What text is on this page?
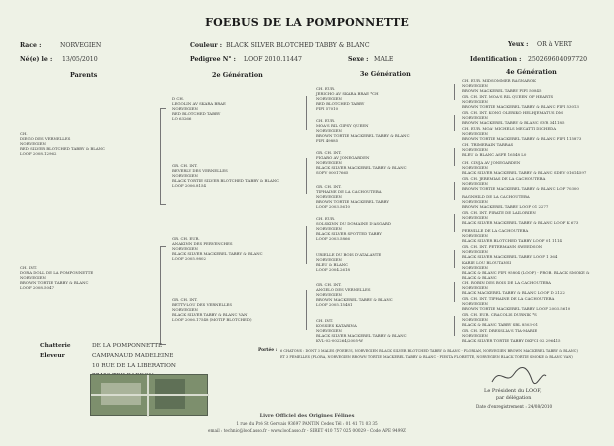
FOEBUS DE LA POMPONNETTE
Race :	NORVEGIEN	Couleur : BLACK SILVER BLOTCHED TABBY & BLANC	Yeux : OR à VERT
Né(e) le : 13/05/2010	Pedigree N° : LOOF 2010.11447	Sexe : MALE	Identification : 250269604097720
Parents	2e Génération	3e Génération	4e Génération
CH.
DIEGO DES VERNELLES
NORVEGIEN
RED SILVER BLOTCHED TABBY & BLANC
LOOF 2008.12962
CH. INT.
DORA DOLL DE LA POMPONNETTE
NORVEGIEN
BROWN TORTIE TABBY & BLANC
LOOF 2008.5047
D CH.
LEGOLIN AV SKARA BRAE
NORVEGIEN
RED BLOTCHED TABBY
LO 63266
GR. CH. INT.
BEVERLY DES VERNELLES
NORVEGIEN
BLACK TORTIE SILVER BLOTCHED TABBY & BLANC
LOOF 2006.8154
GR. CH. EUR.
ANAKINN DES PERVENCHES
NORVEGIEN
BLACK SILVER MACKEREL TABBY & BLANC
LOOF 2005.9802
GR. CH. INT.
BETTY-LOU DES VERNELLES
NORVEGIEN
BLACK SILVER TABBY & BLANC VAN
LOOF 2006.17548 (MOTIF BLOTCHED)
CH. EUR.
JERICHO AV SKARA BRAE *CH
NORVEGIEN
RED BLOTCHED TABBY
FIFI 57010
CH. EUR.
MOA'S RIL GIPSY QUEEN
NORVEGIEN
BROWN TORTIE MACKEREL TABBY & BLANC
FIFI 49885
GR. CH. INT.
FIGARO AV JONEGARDEN
NORVEGIEN
BLACK SILVER MACKEREL TABBY & BLANC
SOFV 00017665
GR. CH. INT.
TIPHAINE DE LA CACHOUTEBA
NORVEGIEN
BROWN TORTIE MACKEREL TABBY
LOOF 2003.5610
CH. EUR.
SOLSKINN DU DOMAINE D'ASGARD
NORVEGIEN
BLACK SILVER SPOTTED TABBY
LOOF 2003.5866
URIELLE DU BOIS D'ATALANTE
NORVEGIEN
BLEU & BLANC
LOOF 2004.2618
GR. CH. INT.
ANGELO DES VERNELLES
NORVEGIEN
BROWN MACKEREL TABBY & BLANC
LOOF 2005.15481
CH. INT.
KOSSIES KATARINA
NORVEGIEN
BLACK SILVER MACKEREL TABBY & BLANC
KVL-02-002264/2005-W
CH. EUR. MIDSOMMER RAGNAROK
NORVEGIEN
BROWN MACKEREL TABBY FIFI 50845
GR. CH. INT. MOA'S RIL QUEEN OF HEARTS
NORVEGIEN
BROWN TORTIE MACKEREL TABBY & BLANC FIFI 53013
GR. CH. INT. KONG OLERIKO HELHJEMATUS DM
NORVEGIEN
BROWN MACKEREL TABBY & BLANC SVR 341185
CH. EUR. MOA' MICHELS MECATTI DICHEDA
NORVEGIEN
BROWN TORTIE MACKEREL TABBY & BLANC FIFI 115873
CH. TRIMERAIN TARRAS
NORVEGIEN
BLEU & BLANC ASFE 16548 L0
CH. CINJA AV JONEGARDEN
NORVEGIEN
BLACK SILVER MACKEREL TABBY & BLANC SDEV 01614597
GR. CH. JEREMIAS DE LA CACHOUTEBA
NORVEGIEN
BROWN TORTIE MACKEREL TABBY & BLANC LOF 70300
RAGNHILD DE LA CACHOUTEBA
NORVEGIEN
BROWN MACKEREL TABBY LOOF 01 2277
GR. CH. INT. PIRATE DE LAILORIEN
NORVEGIEN
BLACK SILVER MACKEREL TABBY & BLANC LOOF K 673
PERNILLE DE LA CACHOUTEBA
NORVEGIEN
BLACK SILVER BLOTCHED TABBY LOOF 01 1114
GR. CH. INT. PETERMANN SWEEDSON
NORVEGIEN
BLACK SILVER MACKEREL TABBY LOOF 1 364
KARIE LOU BLOUTANSI
NORVEGIEN
BLACK & BLANC FIFI 95804 (LOOF) - PROB. BLACK SMOKE &
BLACK & BLANC
CH. ROBIN DES BOIS DE LA CACHOUTEBA
NORVEGIEN
BLACK MACKEREL TABBY & BLANC LOOF D 2122
GR. CH. INT. TIPHAINE DE LA CACHOUTEBA
NORVEGIEN
BROWN TORTIE MACKEREL TABBY LOOF 2003.5610
GR. CH. EUR. CRACOLIS DURNIK *S
NORVEGIEN
BLACK & BLANC TABBY SBL 8503-01
GR. CH. INT. DRESSLIA'S TIA-MARIE
NORVEGIEN
BLACK SILVER TORTIE TABBY DKFCI 02 296415
Chatterie	DE LA POMPONNETTE
Eleveur	CAMPANAUD MADELEINE
10 RUE DE LA LIBERATION
Portée : 6 CHATONS : DONT 3 MALES (FOEBUS, NORVEGIEN BLACK SILVER BLOTCHED TABBY & BLANC - FLORIAN, NORVEGIEN BROWN MACKEREL TABBY & BLANC)
ET 3 FEMELLES (FLORA, NORVEGIEN BROWN TORTIE MACKEREL TABBY & BLANC - FIESTA FLORETTE, NORVEGIEN BLACK TORTIE SMOKE & BLANC VAN)
Le Président du LOOF,
par délégation
Date d'enregistrement : 24/08/2010
Livre Officiel des Origines Félines
1 rue du Pré St Gervais 93697 PANTIN Cedex Tél : 01 41 71 03 35
email : technic@loof.asso.fr - www.loof.asso.fr - SIRET 410 757 025 00029 - Code APE 9499Z
